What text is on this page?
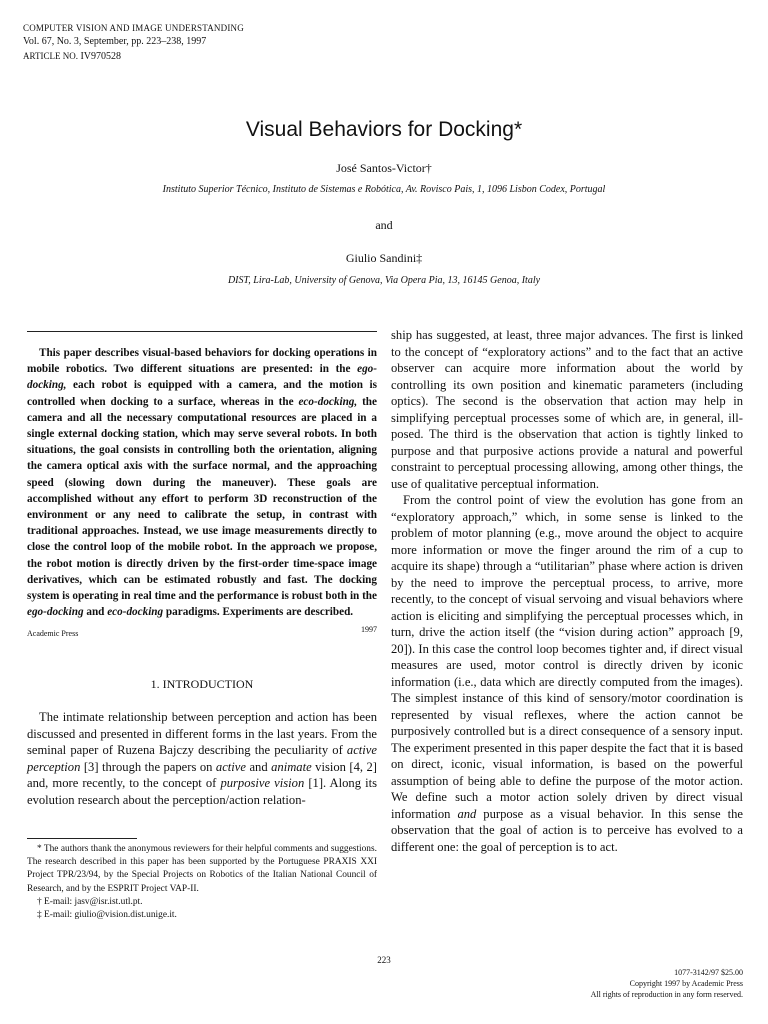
COMPUTER VISION AND IMAGE UNDERSTANDING
Vol. 67, No. 3, September, pp. 223–238, 1997
ARTICLE NO. IV970528
Visual Behaviors for Docking*
José Santos-Victor†
Instituto Superior Técnico, Instituto de Sistemas e Robótica, Av. Rovisco Pais, 1, 1096 Lisbon Codex, Portugal
and
Giulio Sandini‡
DIST, Lira-Lab, University of Genova, Via Opera Pia, 13, 16145 Genoa, Italy
This paper describes visual-based behaviors for docking operations in mobile robotics. Two different situations are presented: in the ego-docking, each robot is equipped with a camera, and the motion is controlled when docking to a surface, whereas in the eco-docking, the camera and all the necessary computational resources are placed in a single external docking station, which may serve several robots. In both situations, the goal consists in controlling both the orientation, aligning the camera optical axis with the surface normal, and the approaching speed (slowing down during the maneuver). These goals are accomplished without any effort to perform 3D reconstruction of the environment or any need to calibrate the setup, in contrast with traditional approaches. Instead, we use image measurements directly to close the control loop of the mobile robot. In the approach we propose, the robot motion is directly driven by the first-order time-space image derivatives, which can be estimated robustly and fast. The docking system is operating in real time and the performance is robust both in the ego-docking and eco-docking paradigms. Experiments are described.
1997
Academic Press
1. INTRODUCTION

The intimate relationship between perception and action has been discussed and presented in different forms in the last years. From the seminal paper of Ruzena Bajczy describing the peculiarity of active perception [3] through the papers on active and animate vision [4, 2] and, more recently, to the concept of purposive vision [1]. Along its evolution research about the perception/action relation-

* The authors thank the anonymous reviewers for their helpful comments and suggestions. The research described in this paper has been supported by the Portuguese PRAXIS XXI Project TPR/23/94, by the Special Projects on Robotics of the Italian National Council of Research, and by the ESPRIT Project VAP-II.

† E-mail: jasv@isr.ist.utl.pt.

‡ E-mail: giulio@vision.dist.unige.it.

ship has suggested, at least, three major advances. The first is linked to the concept of “exploratory actions” and to the fact that an active observer can acquire more information about the world by controlling its own position and kinematic parameters (including optics). The second is the observation that action may help in simplifying perceptual processes some of which are, in general, ill-posed. The third is the observation that action is tightly linked to purpose and that purposive actions provide a natural and powerful constraint to perceptual processing allowing, among other things, the use of qualitative perceptual information.

From the control point of view the evolution has gone from an “exploratory approach,” which, in some sense is linked to the problem of motor planning (e.g., move around the object to acquire more information or move the finger around the rim of a cup to acquire its shape) through a “utilitarian” phase where action is driven by the need to improve the perceptual process, to arrive, more recently, to the concept of visual servoing and visual behaviors where action is eliciting and simplifying the perceptual processes which, in turn, drive the action itself (the “vision during action” approach [9, 20]). In this case the control loop becomes tighter and, if direct visual measures are used, motor control is directly driven by iconic information (i.e., data which are directly computed from the images). The simplest instance of this kind of sensory/motor coordination is represented by visual reflexes, where the action cannot be purposively controlled but is a direct consequence of a sensory input. The experiment presented in this paper despite the fact that it is based on direct, iconic, visual information, is based on the powerful assumption of being able to define the purpose of the motor action. We define such a motor action solely driven by direct visual information and purpose as a visual behavior. In this sense the observation that the goal of action is to perceive has evolved to a different one: the goal of perception is to act.

223
1077-3142/97 $25.00
Copyright 1997 by Academic Press
All rights of reproduction in any form reserved.
